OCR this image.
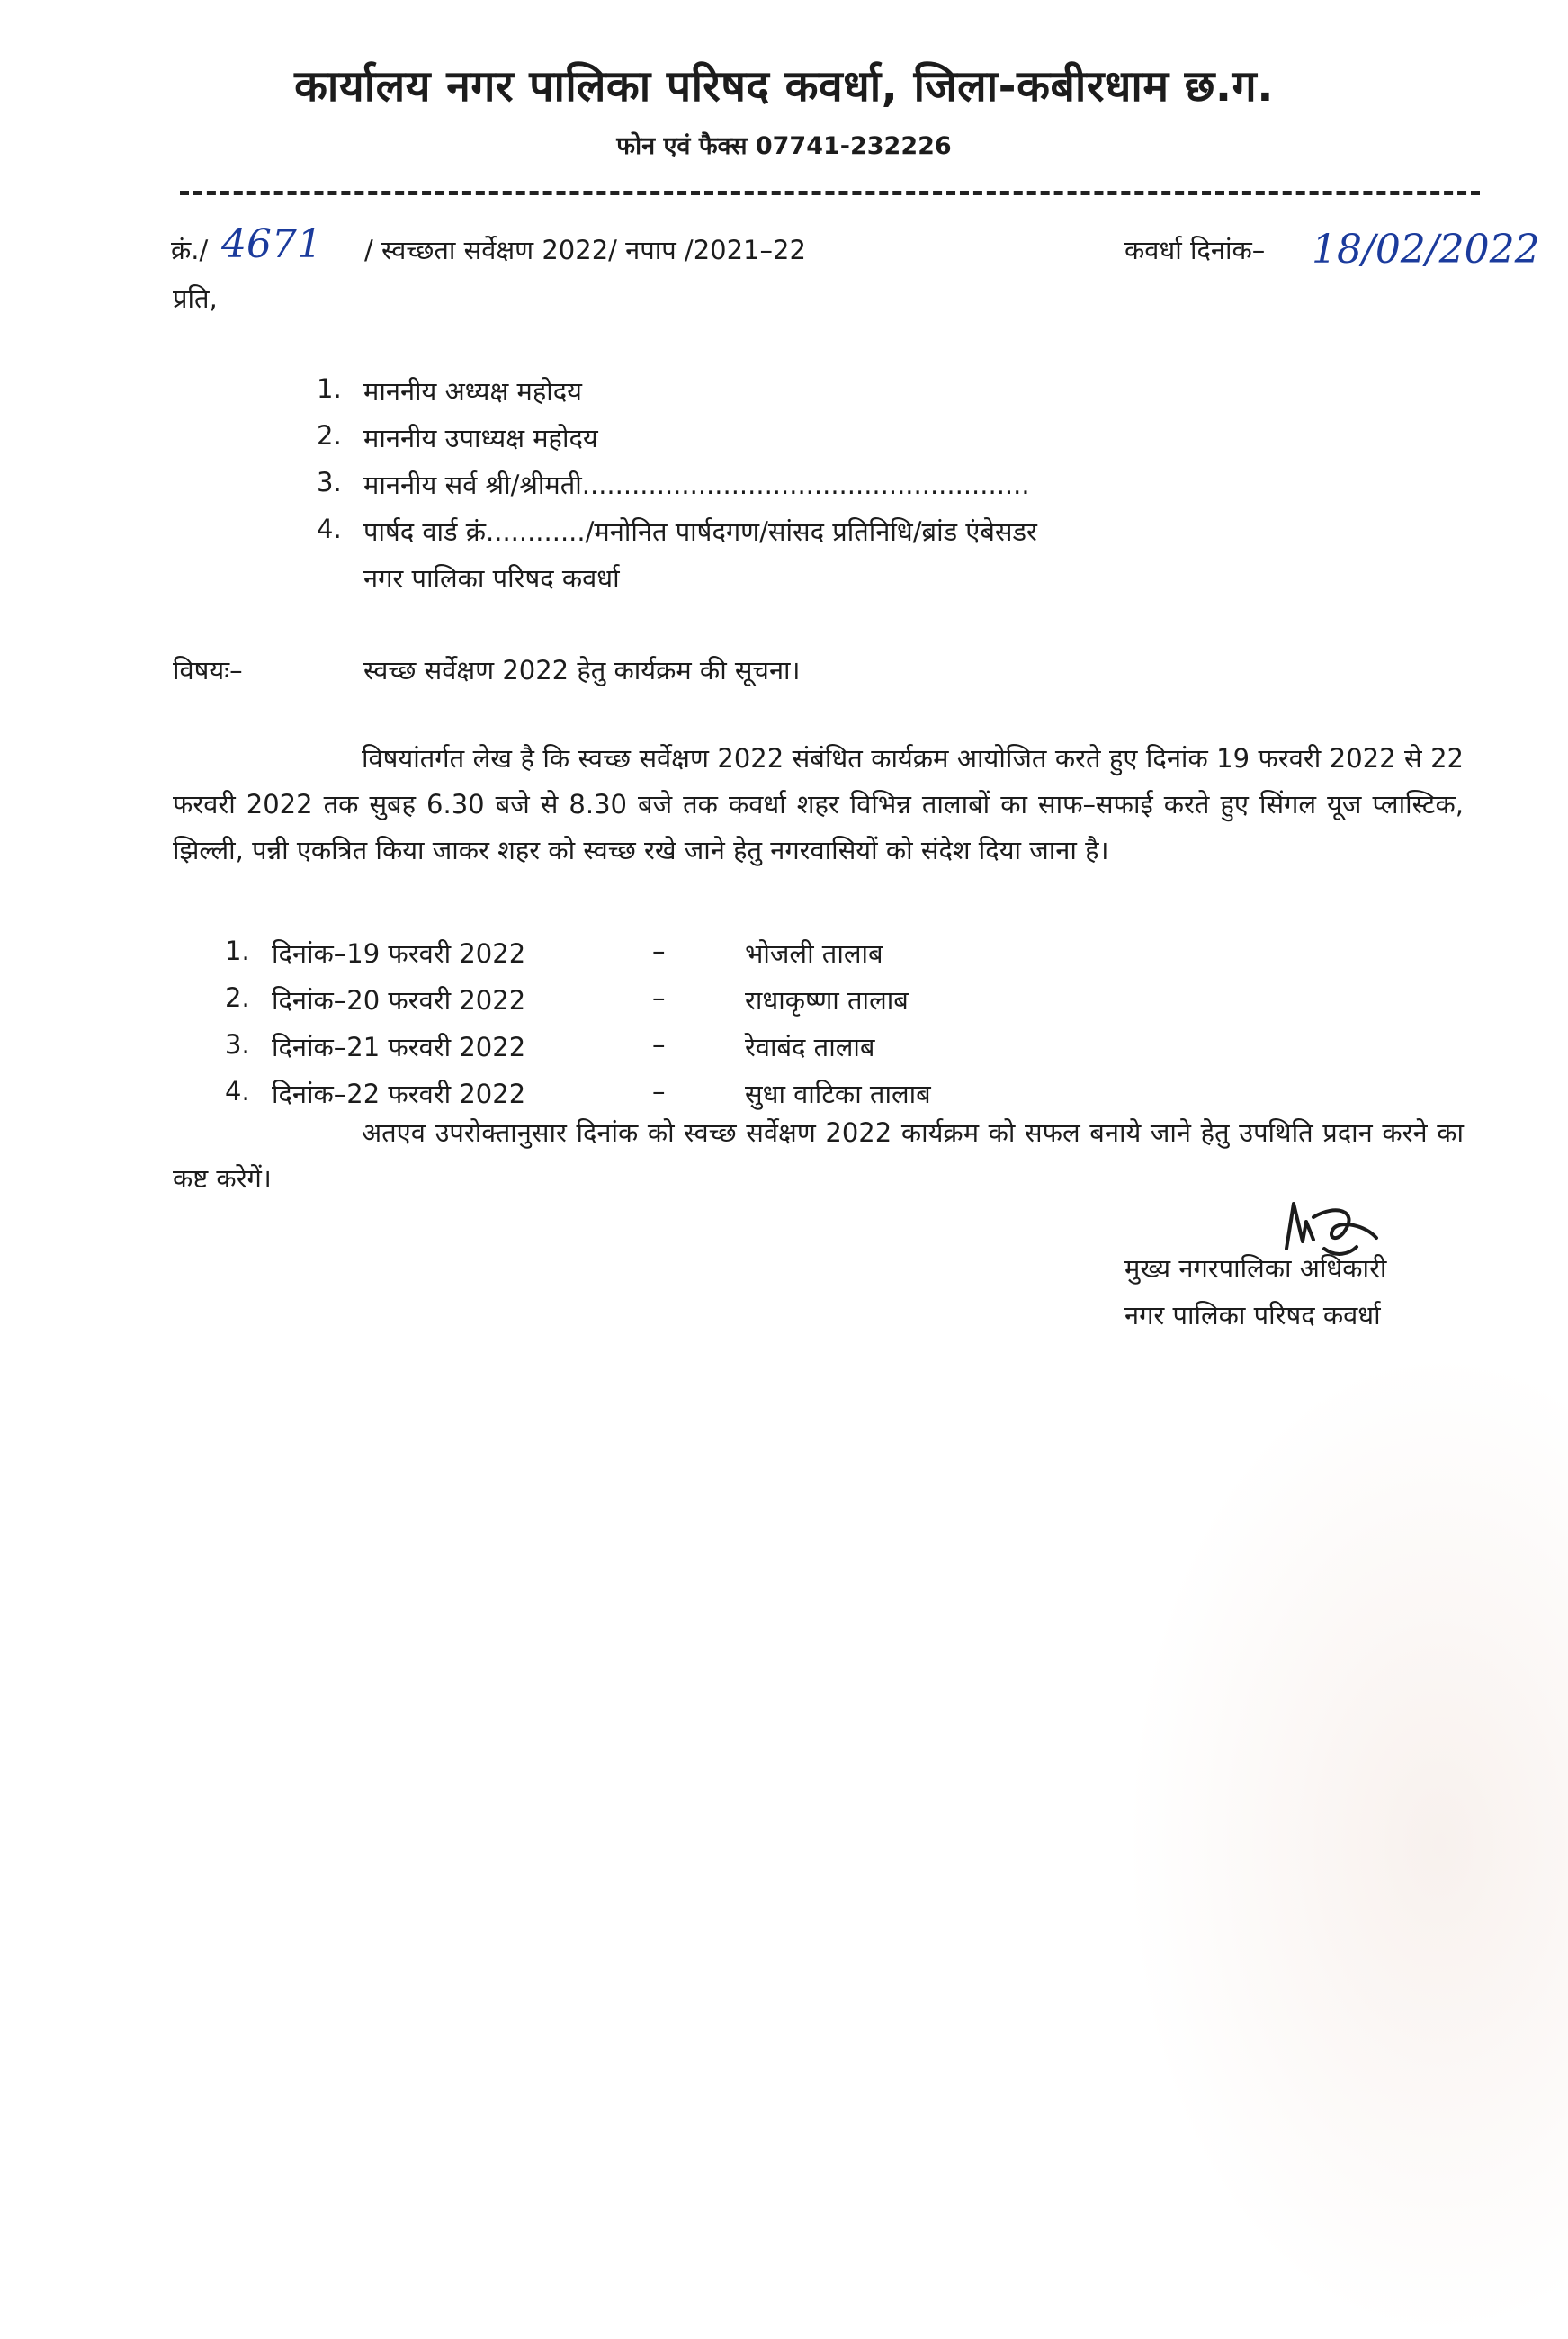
कार्यालय नगर पालिका परिषद कवर्धा, जिला-कबीरधाम छ.ग.
फोन एवं फैक्स 07741-232226
क्रं./ 4671 / स्वच्छता सर्वेक्षण 2022/ नपाप /2021–22	कवर्धा दिनांक– 18/02/2022
प्रति,
1. माननीय अध्यक्ष महोदय
2. माननीय उपाध्यक्ष महोदय
3. माननीय सर्व श्री/श्रीमती......................................................
4. पार्षद वार्ड क्रं............/मनोनित पार्षदगण/सांसद प्रतिनिधि/ब्रांड एंबेसडर
नगर पालिका परिषद कवर्धा
विषयः–	स्वच्छ सर्वेक्षण 2022 हेतु कार्यक्रम की सूचना।
विषयांतर्गत लेख है कि स्वच्छ सर्वेक्षण 2022 संबंधित कार्यक्रम आयोजित करते हुए दिनांक 19 फरवरी 2022 से 22 फरवरी 2022 तक सुबह 6.30 बजे से 8.30 बजे तक कवर्धा शहर विभिन्न तालाबों का साफ–सफाई करते हुए सिंगल यूज प्लास्टिक, झिल्ली, पन्नी एकत्रित किया जाकर शहर को स्वच्छ रखे जाने हेतु नगरवासियों को संदेश दिया जाना है।
1. दिनांक–19 फरवरी 2022	–	भोजली तालाब
2. दिनांक–20 फरवरी 2022	–	राधाकृष्णा तालाब
3. दिनांक–21 फरवरी 2022	–	रेवाबंद तालाब
4. दिनांक–22 फरवरी 2022	–	सुधा वाटिका तालाब
अतएव उपरोक्तानुसार दिनांक को स्वच्छ सर्वेक्षण 2022 कार्यक्रम को सफल बनाये जाने हेतु उपथिति प्रदान करने का कष्ट करेगें।
मुख्य नगरपालिका अधिकारी
नगर पालिका परिषद कवर्धा
